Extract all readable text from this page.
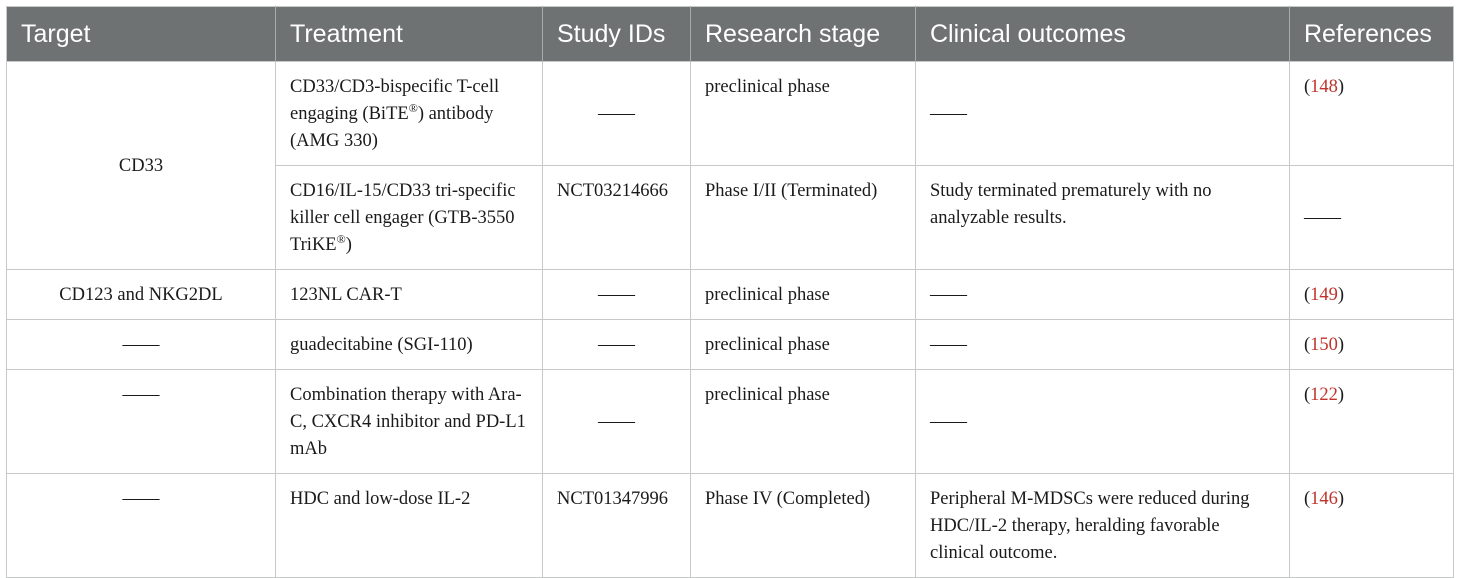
Target	Treatment	Study IDs	Research stage	Clinical outcomes	References
CD33	CD33/CD3-bispecific T-cell engaging (BiTE®) antibody (AMG 330)	——	preclinical phase	——	(148)
	CD16/IL-15/CD33 tri-specific killer cell engager (GTB-3550 TriKE®)	NCT03214666	Phase I/II (Terminated)	Study terminated prematurely with no analyzable results.	——
CD123 and NKG2DL	123NL CAR-T	——	preclinical phase	——	(149)
——	guadecitabine (SGI-110)	——	preclinical phase	——	(150)
——	Combination therapy with Ara-C, CXCR4 inhibitor and PD-L1 mAb	——	preclinical phase	——	(122)
——	HDC and low-dose IL-2	NCT01347996	Phase IV (Completed)	Peripheral M-MDSCs were reduced during HDC/IL-2 therapy, heralding favorable clinical outcome.	(146)
